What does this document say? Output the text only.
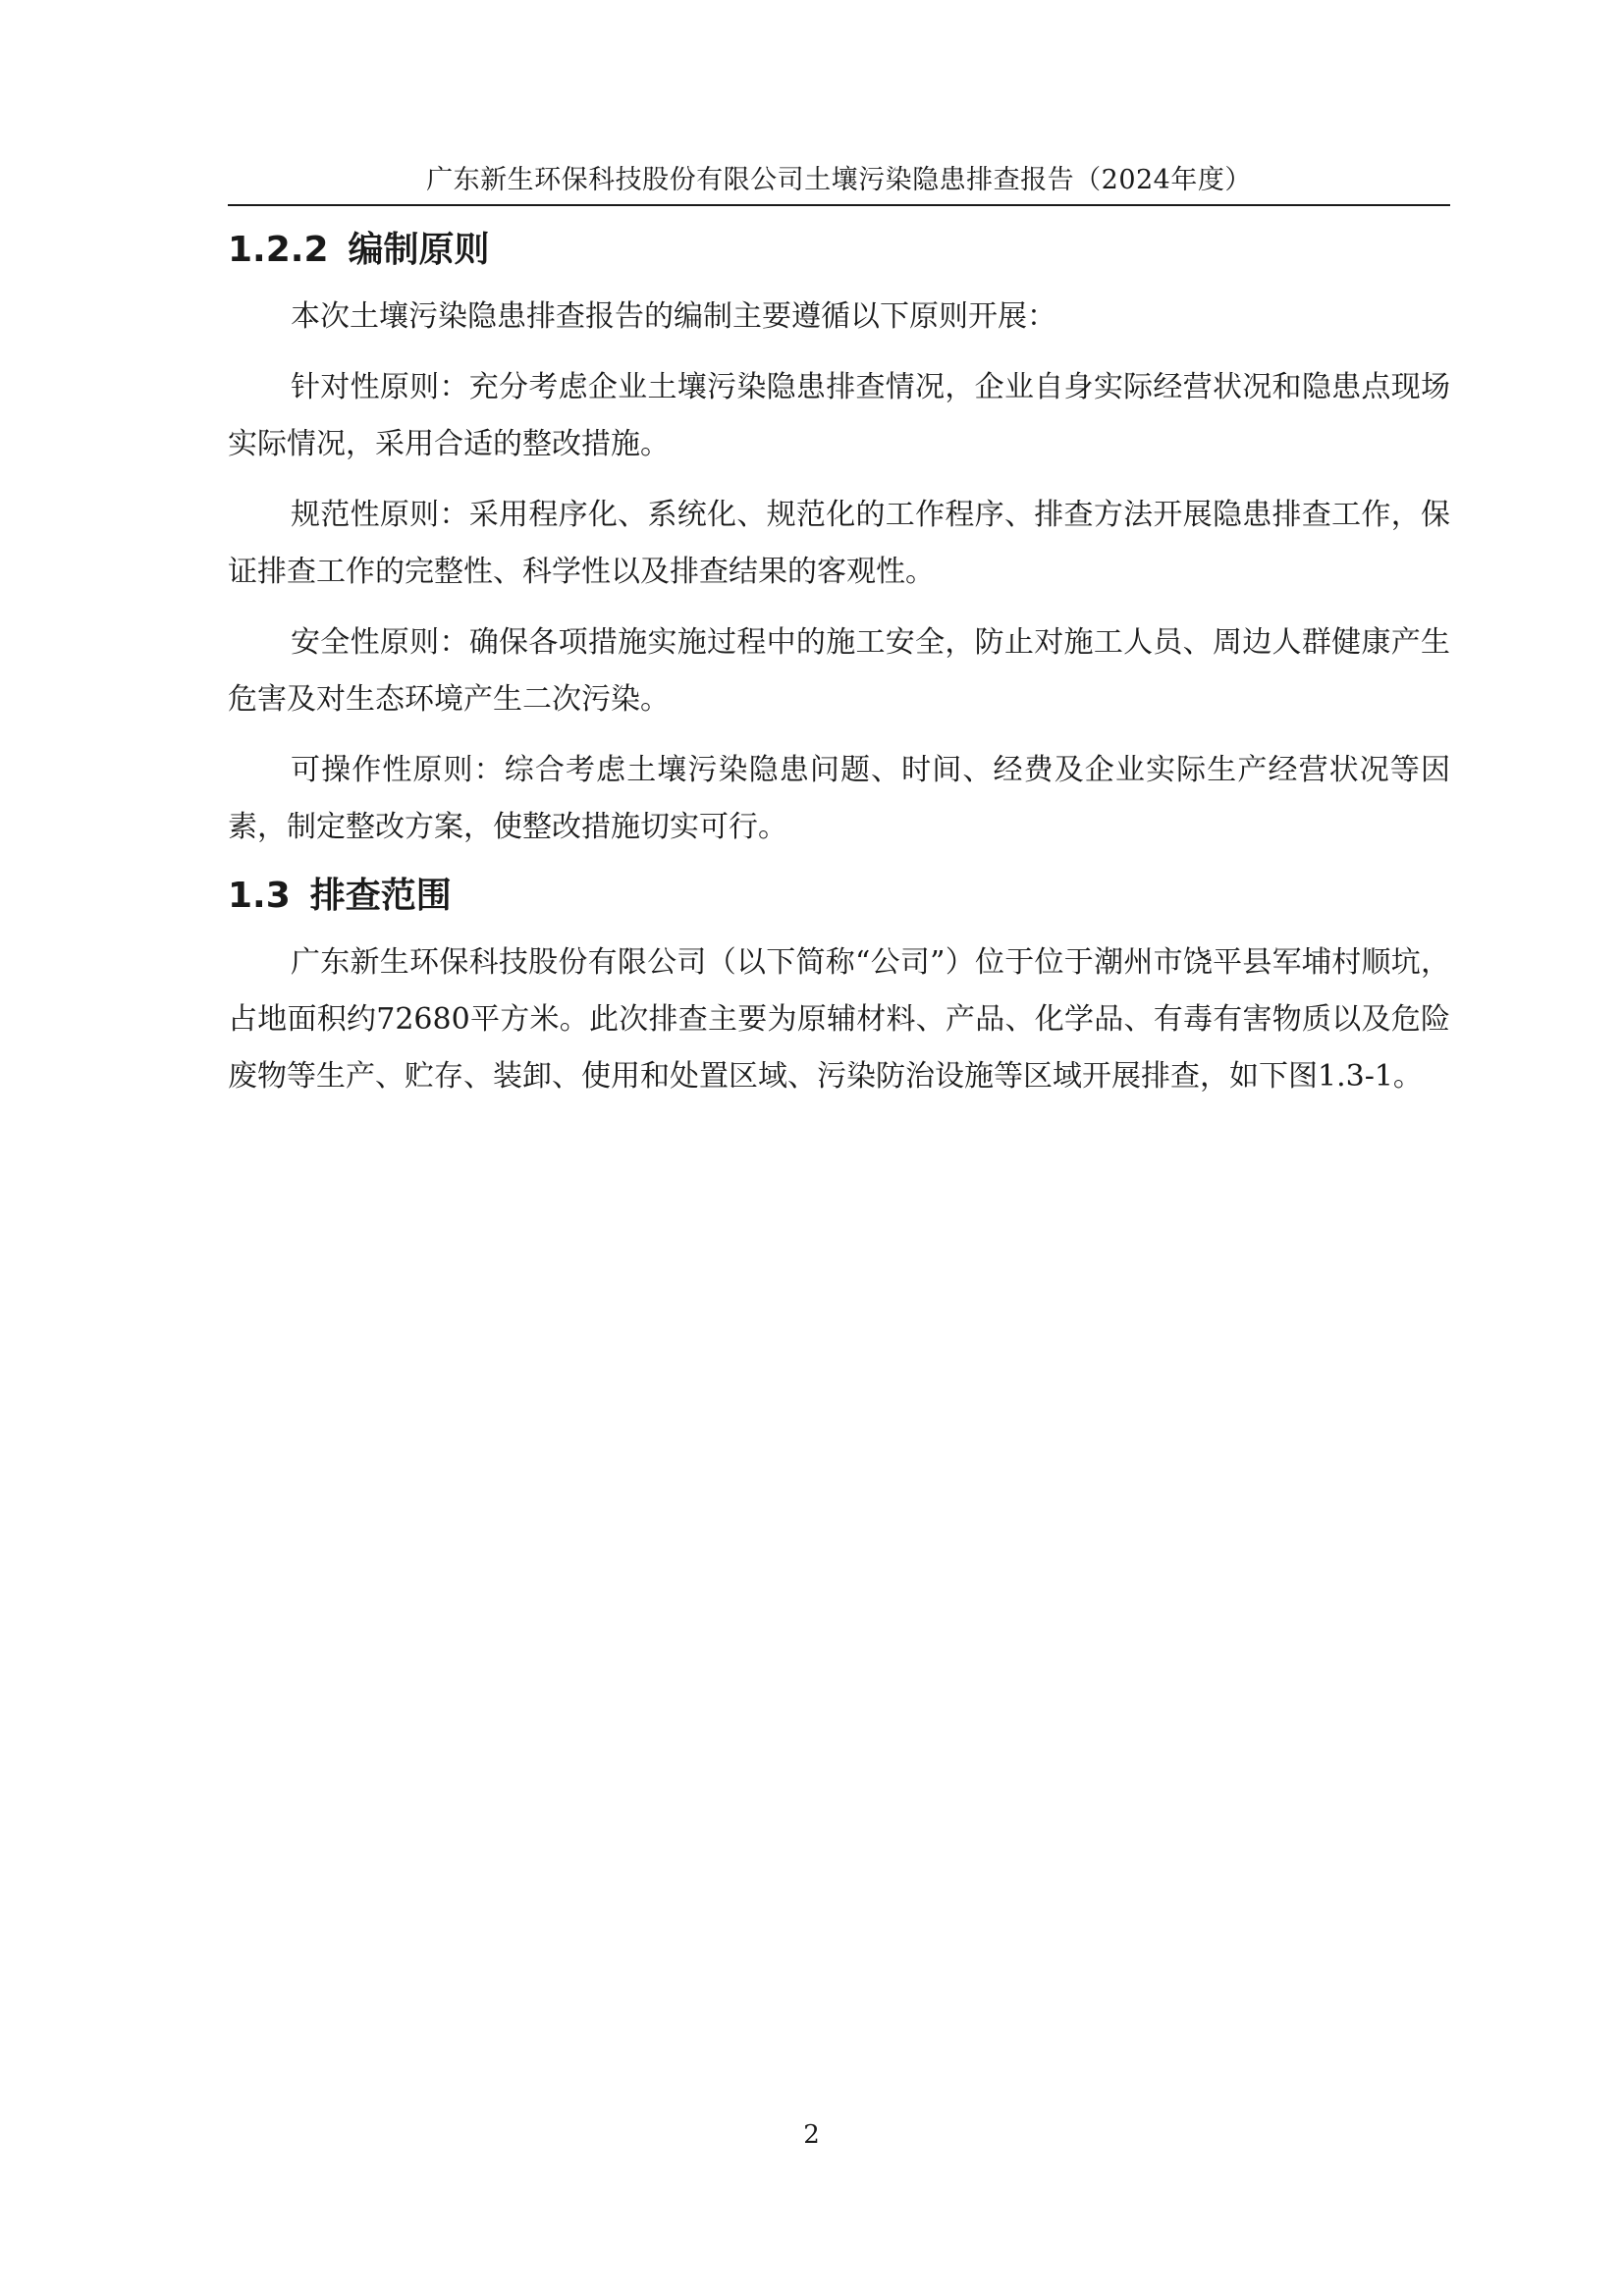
广东新生环保科技股份有限公司土壤污染隐患排查报告（2024年度）
1.2.2 编制原则

本次土壤污染隐患排查报告的编制主要遵循以下原则开展：

针对性原则：充分考虑企业土壤污染隐患排查情况，企业自身实际经营状况和隐患点现场实际情况，采用合适的整改措施。

规范性原则：采用程序化、系统化、规范化的工作程序、排查方法开展隐患排查工作，保证排查工作的完整性、科学性以及排查结果的客观性。

安全性原则：确保各项措施实施过程中的施工安全，防止对施工人员、周边人群健康产生危害及对生态环境产生二次污染。

可操作性原则：综合考虑土壤污染隐患问题、时间、经费及企业实际生产经营状况等因素，制定整改方案，使整改措施切实可行。

1.3 排查范围

广东新生环保科技股份有限公司（以下简称“公司”）位于位于潮州市饶平县军埔村顺坑，占地面积约72680平方米。此次排查主要为原辅材料、产品、化学品、有毒有害物质以及危险废物等生产、贮存、装卸、使用和处置区域、污染防治设施等区域开展排查，如下图1.3-1。

2
